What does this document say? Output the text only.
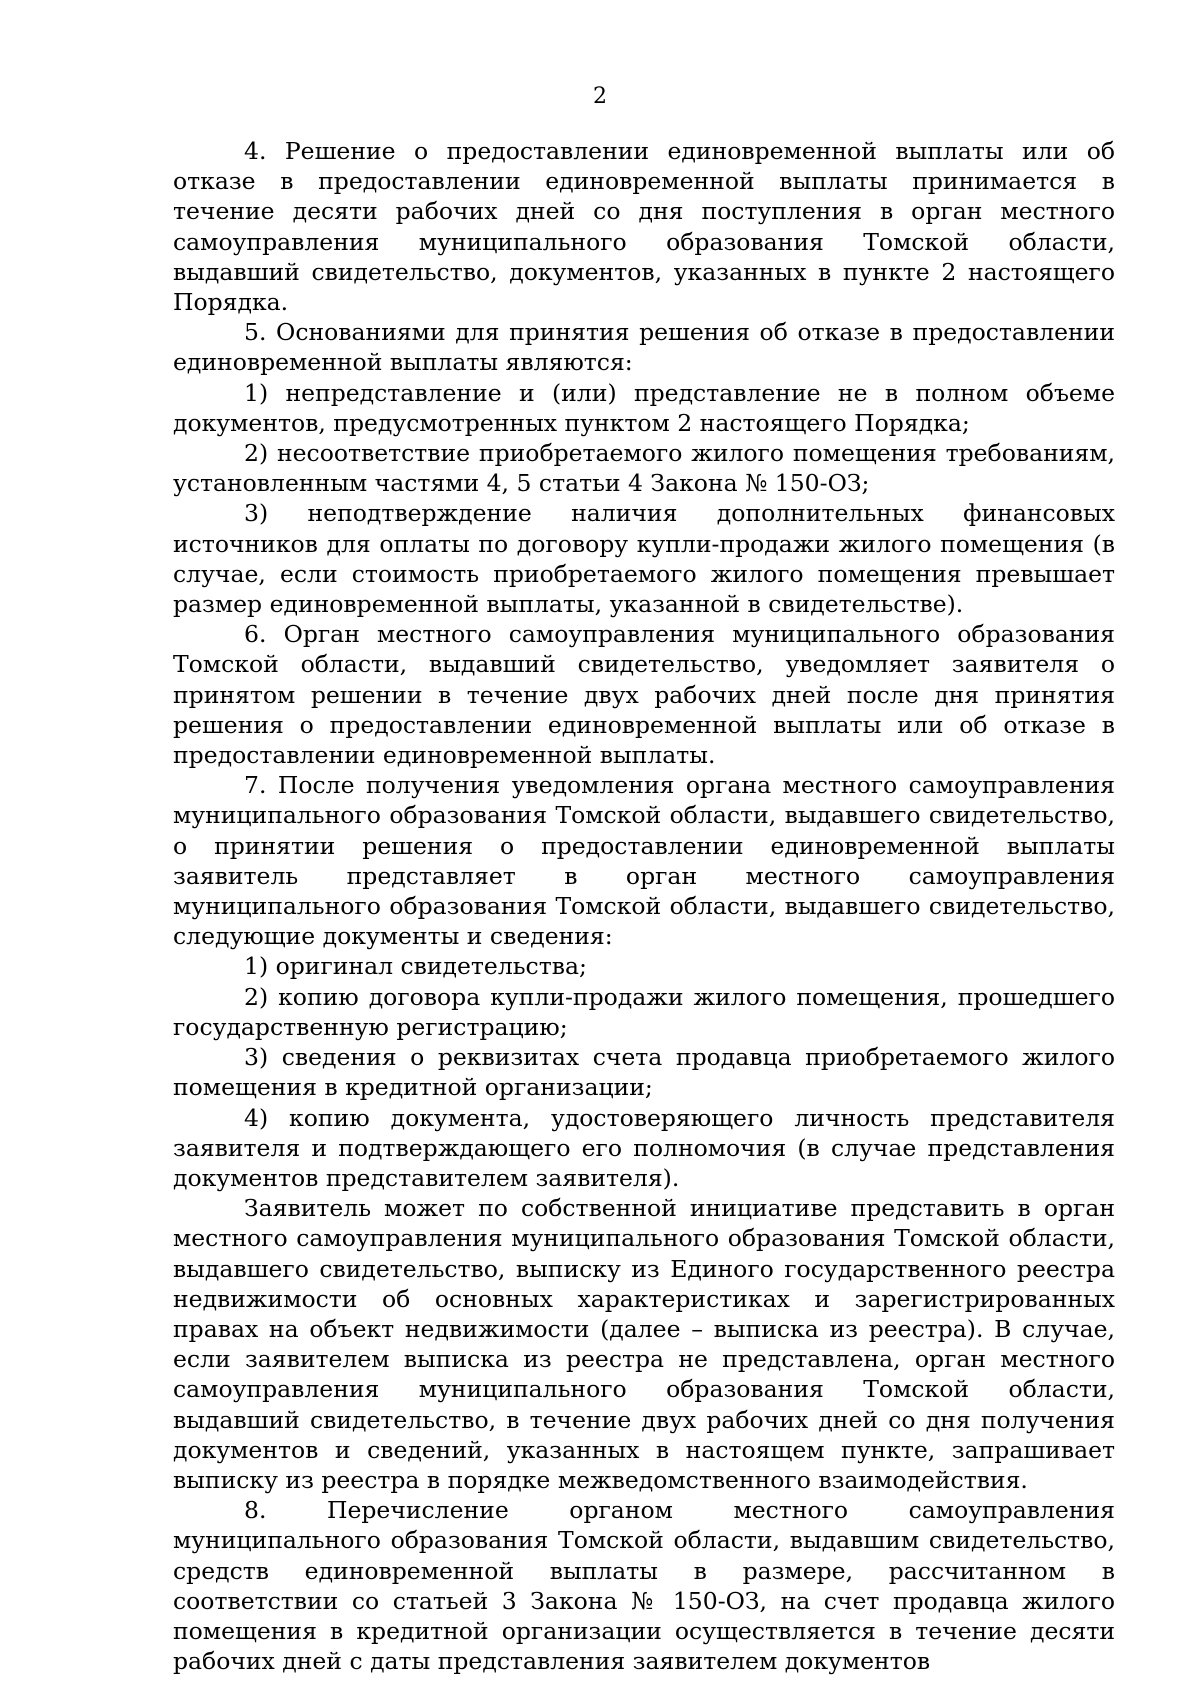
2

4. Решение о предоставлении единовременной выплаты или об отказе в предоставлении единовременной выплаты принимается в течение десяти рабочих дней со дня поступления в орган местного самоуправления муниципального образования Томской области, выдавший свидетельство, документов, указанных в пункте 2 настоящего Порядка.

5. Основаниями для принятия решения об отказе в предоставлении единовременной выплаты являются:

1) непредставление и (или) представление не в полном объеме документов, предусмотренных пунктом 2 настоящего Порядка;

2) несоответствие приобретаемого жилого помещения требованиям, установленным частями 4, 5 статьи 4 Закона № 150-ОЗ;

3) неподтверждение наличия дополнительных финансовых источников для оплаты по договору купли-продажи жилого помещения (в случае, если стоимость приобретаемого жилого помещения превышает размер единовременной выплаты, указанной в свидетельстве).

6. Орган местного самоуправления муниципального образования Томской области, выдавший свидетельство, уведомляет заявителя о принятом решении в течение двух рабочих дней после дня принятия решения о предоставлении единовременной выплаты или об отказе в предоставлении единовременной выплаты.

7. После получения уведомления органа местного самоуправления муниципального образования Томской области, выдавшего свидетельство, о принятии решения о предоставлении единовременной выплаты заявитель представляет в орган местного самоуправления муниципального образования Томской области, выдавшего свидетельство, следующие документы и сведения:

1) оригинал свидетельства;

2) копию договора купли-продажи жилого помещения, прошедшего государственную регистрацию;

3) сведения о реквизитах счета продавца приобретаемого жилого помещения в кредитной организации;

4) копию документа, удостоверяющего личность представителя заявителя и подтверждающего его полномочия (в случае представления документов представителем заявителя).

Заявитель может по собственной инициативе представить в орган местного самоуправления муниципального образования Томской области, выдавшего свидетельство, выписку из Единого государственного реестра недвижимости об основных характеристиках и зарегистрированных правах на объект недвижимости (далее – выписка из реестра). В случае, если заявителем выписка из реестра не представлена, орган местного самоуправления муниципального образования Томской области, выдавший свидетельство, в течение двух рабочих дней со дня получения документов и сведений, указанных в настоящем пункте, запрашивает выписку из реестра в порядке межведомственного взаимодействия.

8. Перечисление органом местного самоуправления муниципального образования Томской области, выдавшим свидетельство, средств единовременной выплаты в размере, рассчитанном в соответствии со статьей 3 Закона № 150-ОЗ, на счет продавца жилого помещения в кредитной организации осуществляется в течение десяти рабочих дней с даты представления заявителем документов
